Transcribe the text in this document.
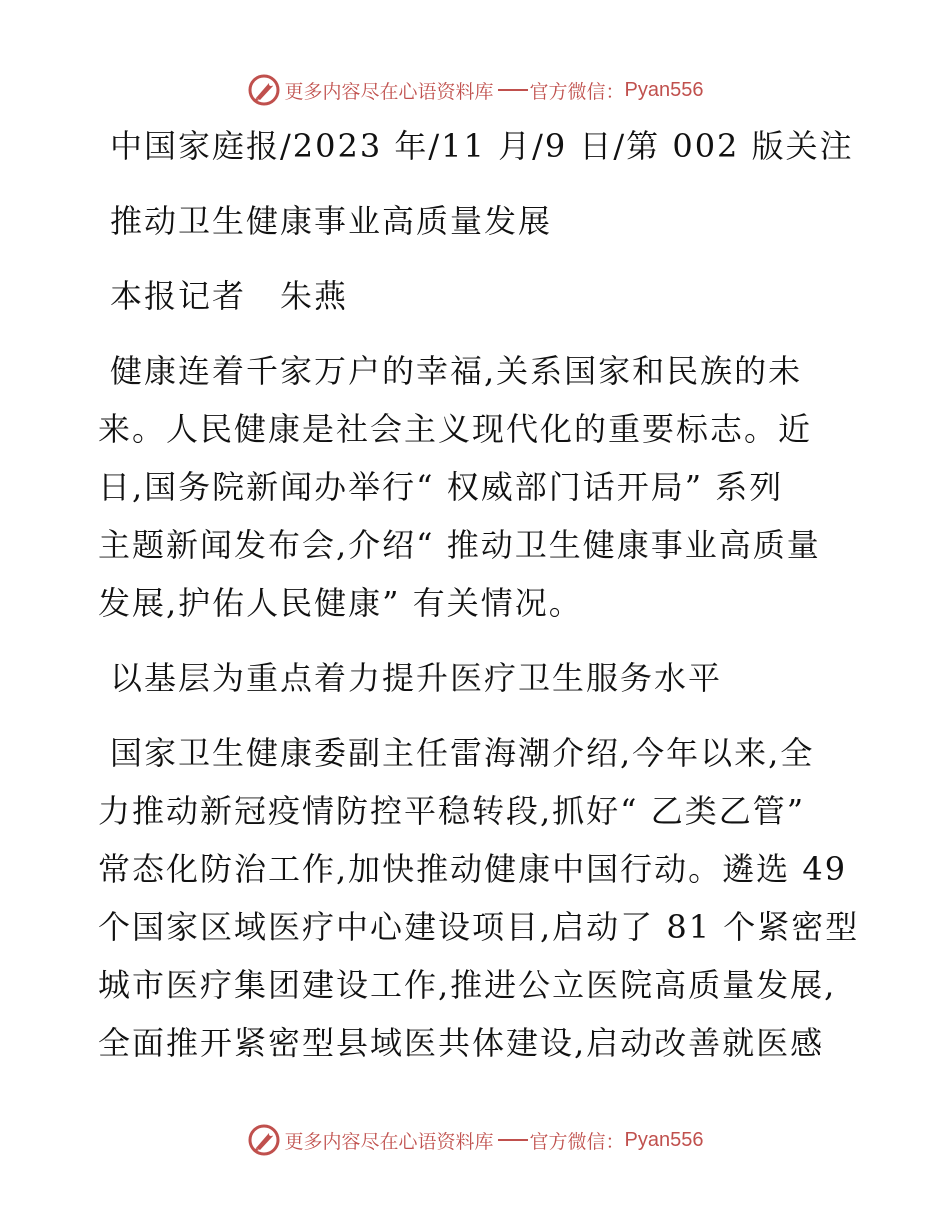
更多内容尽在心语资料库 官方微信： Pyan556
中国家庭报/2023 年/11 月/9 日/第 002 版关注
推动卫生健康事业高质量发展
本报记者　朱燕
健康连着千家万户的幸福,关系国家和民族的未
来。人民健康是社会主义现代化的重要标志。近
日,国务院新闻办举行“ 权威部门话开局” 系列
主题新闻发布会,介绍“ 推动卫生健康事业高质量
发展,护佑人民健康” 有关情况。
以基层为重点着力提升医疗卫生服务水平
国家卫生健康委副主任雷海潮介绍,今年以来,全
力推动新冠疫情防控平稳转段,抓好“ 乙类乙管”
常态化防治工作,加快推动健康中国行动。遴选 49
个国家区域医疗中心建设项目,启动了 81 个紧密型
城市医疗集团建设工作,推进公立医院高质量发展,
全面推开紧密型县域医共体建设,启动改善就医感
更多内容尽在心语资料库 官方微信： Pyan556
